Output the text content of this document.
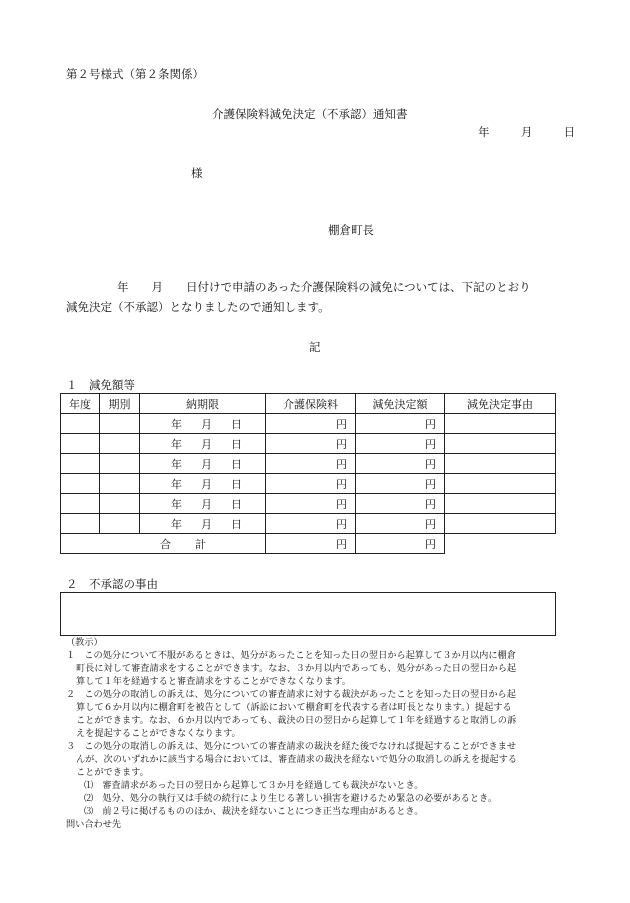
第２号様式（第２条関係）
介護保険料減免決定（不承認）通知書
年	月	日
様
棚倉町長
年　　月　　日付けで申請のあった介護保険料の減免については、下記のとおり
減免決定（不承認）となりましたので通知します。
記
１　減免額等
年度	期別	納期限	介護保険料	減免決定額	減免決定事由

		年 月 日	円	円	

		年 月 日	円	円	

		年 月 日	円	円	

		年 月 日	円	円	

		年 月 日	円	円	

		年 月 日	円	円	

合 計			円	円	
２　不承認の事由
（教示）
１　この処分について不服があるときは、処分があったことを知った日の翌日から起算して３か月以内に棚倉
町長に対して審査請求をすることができます。なお、３か月以内であっても、処分があった日の翌日から起
算して１年を経過すると審査請求をすることができなくなります。
２　この処分の取消しの訴えは、処分についての審査請求に対する裁決があったことを知った日の翌日から起
算して６か月以内に棚倉町を被告として（訴訟において棚倉町を代表する者は町長となります。）提起する
ことができます。なお、６か月以内であっても、裁決の日の翌日から起算して１年を経過すると取消しの訴
えを提起することができなくなります。
３　この処分の取消しの訴えは、処分についての審査請求の裁決を経た後でなければ提起することができませ
んが、次のいずれかに該当する場合においては、審査請求の裁決を経ないで処分の取消しの訴えを提起する
ことができます。
⑴　審査請求があった日の翌日から起算して３か月を経過しても裁決がないとき。
⑵　処分、処分の執行又は手続の続行により生じる著しい損害を避けるため緊急の必要があるとき。
⑶　前２号に掲げるもののほか、裁決を経ないことにつき正当な理由があるとき。
問い合わせ先
